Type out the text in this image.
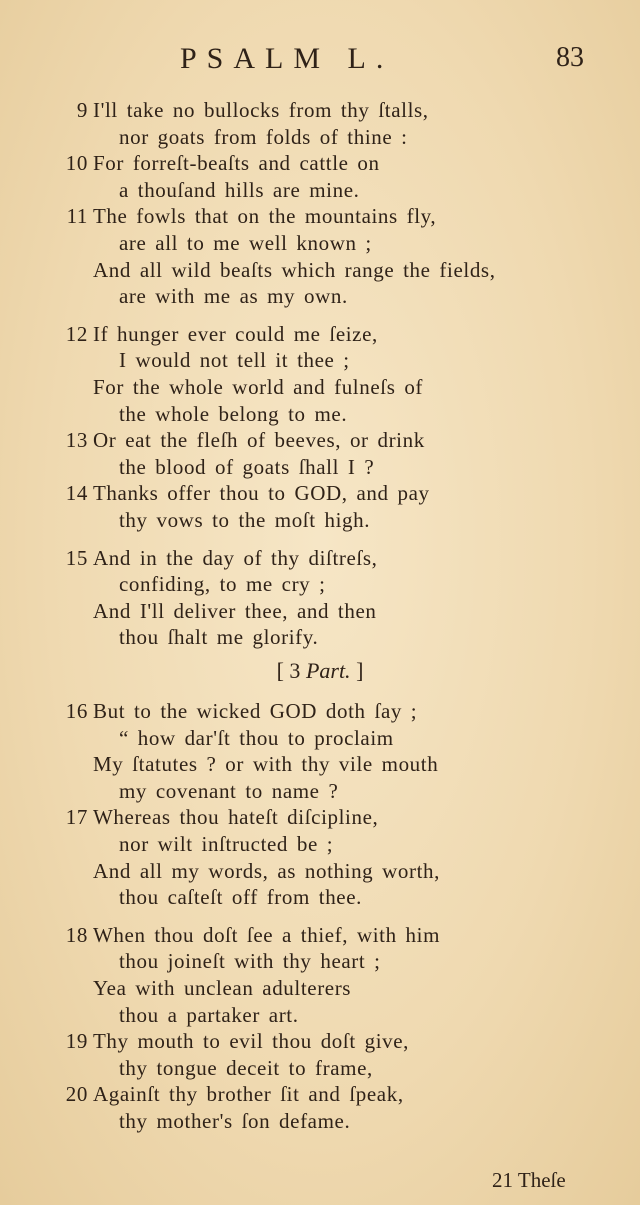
PSALM L.	83
9 I'll take no bullocks from thy ſtalls,
nor goats from folds of thine :
10 For forreſt-beaſts and cattle on
a thouſand hills are mine.
11 The fowls that on the mountains fly,
are all to me well known ;
And all wild beaſts which range the fields,
are with me as my own.
12 If hunger ever could me ſeize,
I would not tell it thee ;
For the whole world and fulneſs of
the whole belong to me.
13 Or eat the fleſh of beeves, or drink
the blood of goats ſhall I ?
14 Thanks offer thou to GOD, and pay
thy vows to the moſt high.
15 And in the day of thy diſtreſs,
confiding, to me cry ;
And I'll deliver thee, and then
thou ſhalt me glorify.
16 But to the wicked GOD doth ſay ;
“ how dar'ſt thou to proclaim
My ſtatutes ? or with thy vile mouth
my covenant to name ?
17 Whereas thou hateſt diſcipline,
nor wilt inſtructed be ;
And all my words, as nothing worth,
thou caſteſt off from thee.
18 When thou doſt ſee a thief, with him
thou joineſt with thy heart ;
Yea with unclean adulterers
thou a partaker art.
19 Thy mouth to evil thou doſt give,
thy tongue deceit to frame,
20 Againſt thy brother ſit and ſpeak,
thy mother's ſon defame.
[ 3 Part. ]
21 Theſe
